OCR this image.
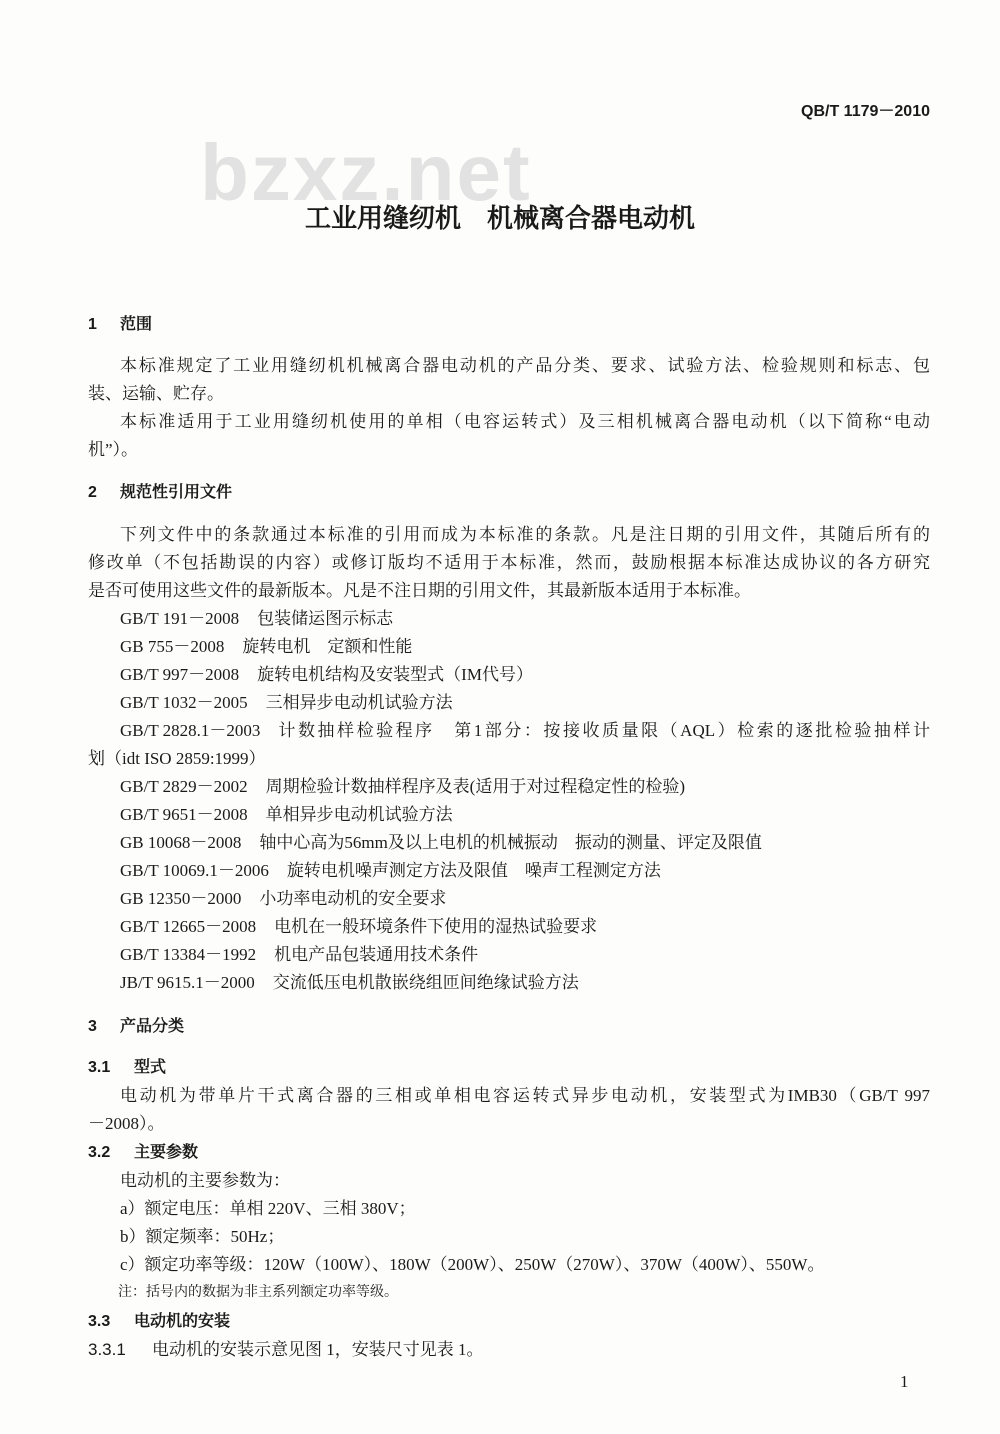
QB/T 1179－2010
bzxz.net
工业用缝纫机　机械离合器电动机
1 范围
本标准规定了工业用缝纫机机械离合器电动机的产品分类、要求、试验方法、检验规则和标志、包
装、运输、贮存。
本标准适用于工业用缝纫机使用的单相（电容运转式）及三相机械离合器电动机（以下简称“电动
机”）。
2 规范性引用文件
下列文件中的条款通过本标准的引用而成为本标准的条款。凡是注日期的引用文件，其随后所有的
修改单（不包括勘误的内容）或修订版均不适用于本标准，然而，鼓励根据本标准达成协议的各方研究
是否可使用这些文件的最新版本。凡是不注日期的引用文件，其最新版本适用于本标准。
GB/T 191－2008 包装储运图示标志
GB 755－2008 旋转电机　定额和性能
GB/T 997－2008 旋转电机结构及安装型式（IM代号）
GB/T 1032－2005 三相异步电动机试验方法
GB/T 2828.1－2003 计数抽样检验程序　第1部分：按接收质量限（AQL）检索的逐批检验抽样计
划（idt ISO 2859:1999）
GB/T 2829－2002 周期检验计数抽样程序及表(适用于对过程稳定性的检验)
GB/T 9651－2008 单相异步电动机试验方法
GB 10068－2008 轴中心高为56mm及以上电机的机械振动　振动的测量、评定及限值
GB/T 10069.1－2006 旋转电机噪声测定方法及限值　噪声工程测定方法
GB 12350－2000 小功率电动机的安全要求
GB/T 12665－2008 电机在一般环境条件下使用的湿热试验要求
GB/T 13384－1992 机电产品包装通用技术条件
JB/T 9615.1－2000 交流低压电机散嵌绕组匝间绝缘试验方法
3 产品分类
3.1 型式
电动机为带单片干式离合器的三相或单相电容运转式异步电动机，安装型式为IMB30（GB/T 997
－2008）。
3.2 主要参数
电动机的主要参数为：
a）额定电压：单相 220V、三相 380V；
b）额定频率：50Hz；
c）额定功率等级：120W（100W）、180W（200W）、250W（270W）、370W（400W）、550W。
注：括号内的数据为非主系列额定功率等级。
3.3 电动机的安装
3.3.1 电动机的安装示意见图 1，安装尺寸见表 1。
1
